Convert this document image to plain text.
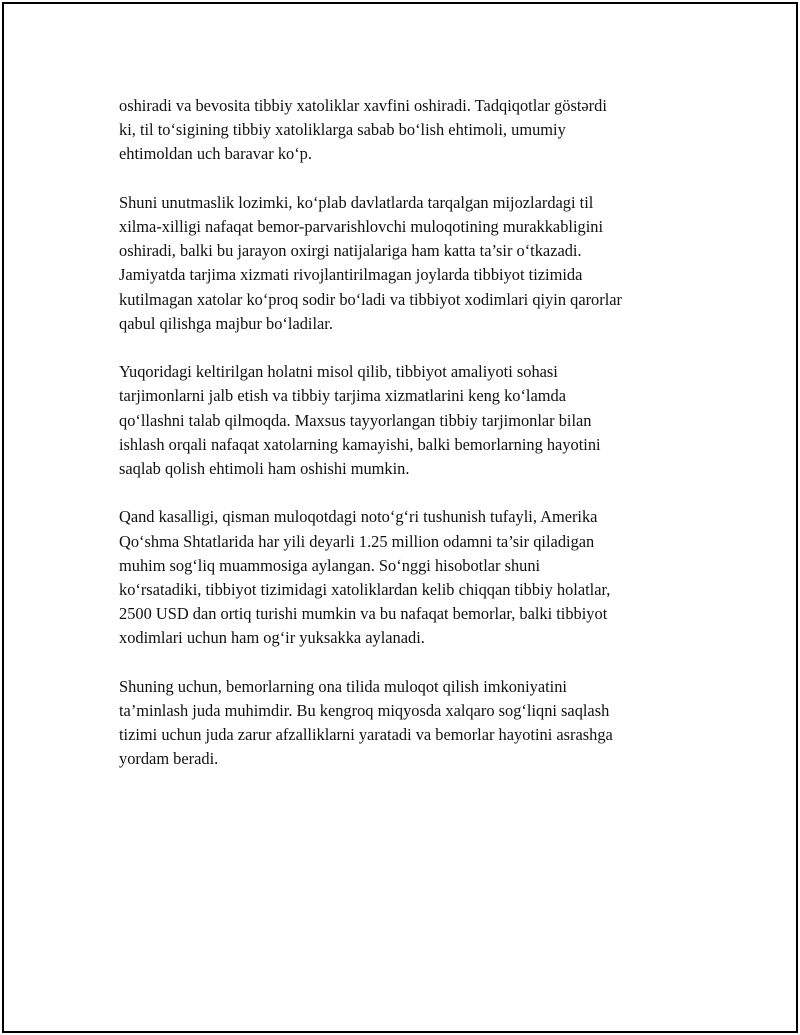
oshiradi va bevosita tibbiy xatoliklar xavfini oshiradi. Tadqiqotlar göstərdi
ki, til to‘sigining tibbiy xatoliklarga sabab bo‘lish ehtimoli, umumiy
ehtimoldan uch baravar ko‘p.

Shuni unutmaslik lozimki, ko‘plab davlatlarda tarqalgan mijozlardagi til
xilma-xilligi nafaqat bemor-parvarishlovchi muloqotining murakkabligini
oshiradi, balki bu jarayon oxirgi natijalariga ham katta ta’sir o‘tkazadi.
Jamiyatda tarjima xizmati rivojlantirilmagan joylarda tibbiyot tizimida
kutilmagan xatolar ko‘proq sodir bo‘ladi va tibbiyot xodimlari qiyin qarorlar
qabul qilishga majbur bo‘ladilar.

Yuqoridagi keltirilgan holatni misol qilib, tibbiyot amaliyoti sohasi
tarjimonlarni jalb etish va tibbiy tarjima xizmatlarini keng ko‘lamda
qo‘llashni talab qilmoqda. Maxsus tayyorlangan tibbiy tarjimonlar bilan
ishlash orqali nafaqat xatolarning kamayishi, balki bemorlarning hayotini
saqlab qolish ehtimoli ham oshishi mumkin.

Qand kasalligi, qisman muloqotdagi noto‘g‘ri tushunish tufayli, Amerika
Qo‘shma Shtatlarida har yili deyarli 1.25 million odamni ta’sir qiladigan
muhim sog‘liq muammosiga aylangan. So‘nggi hisobotlar shuni
ko‘rsatadiki, tibbiyot tizimidagi xatoliklardan kelib chiqqan tibbiy holatlar,
2500 USD dan ortiq turishi mumkin va bu nafaqat bemorlar, balki tibbiyot
xodimlari uchun ham og‘ir yuksakka aylanadi.

Shuning uchun, bemorlarning ona tilida muloqot qilish imkoniyatini
ta’minlash juda muhimdir. Bu kengroq miqyosda xalqaro sog‘liqni saqlash
tizimi uchun juda zarur afzalliklarni yaratadi va bemorlar hayotini asrashga
yordam beradi.
